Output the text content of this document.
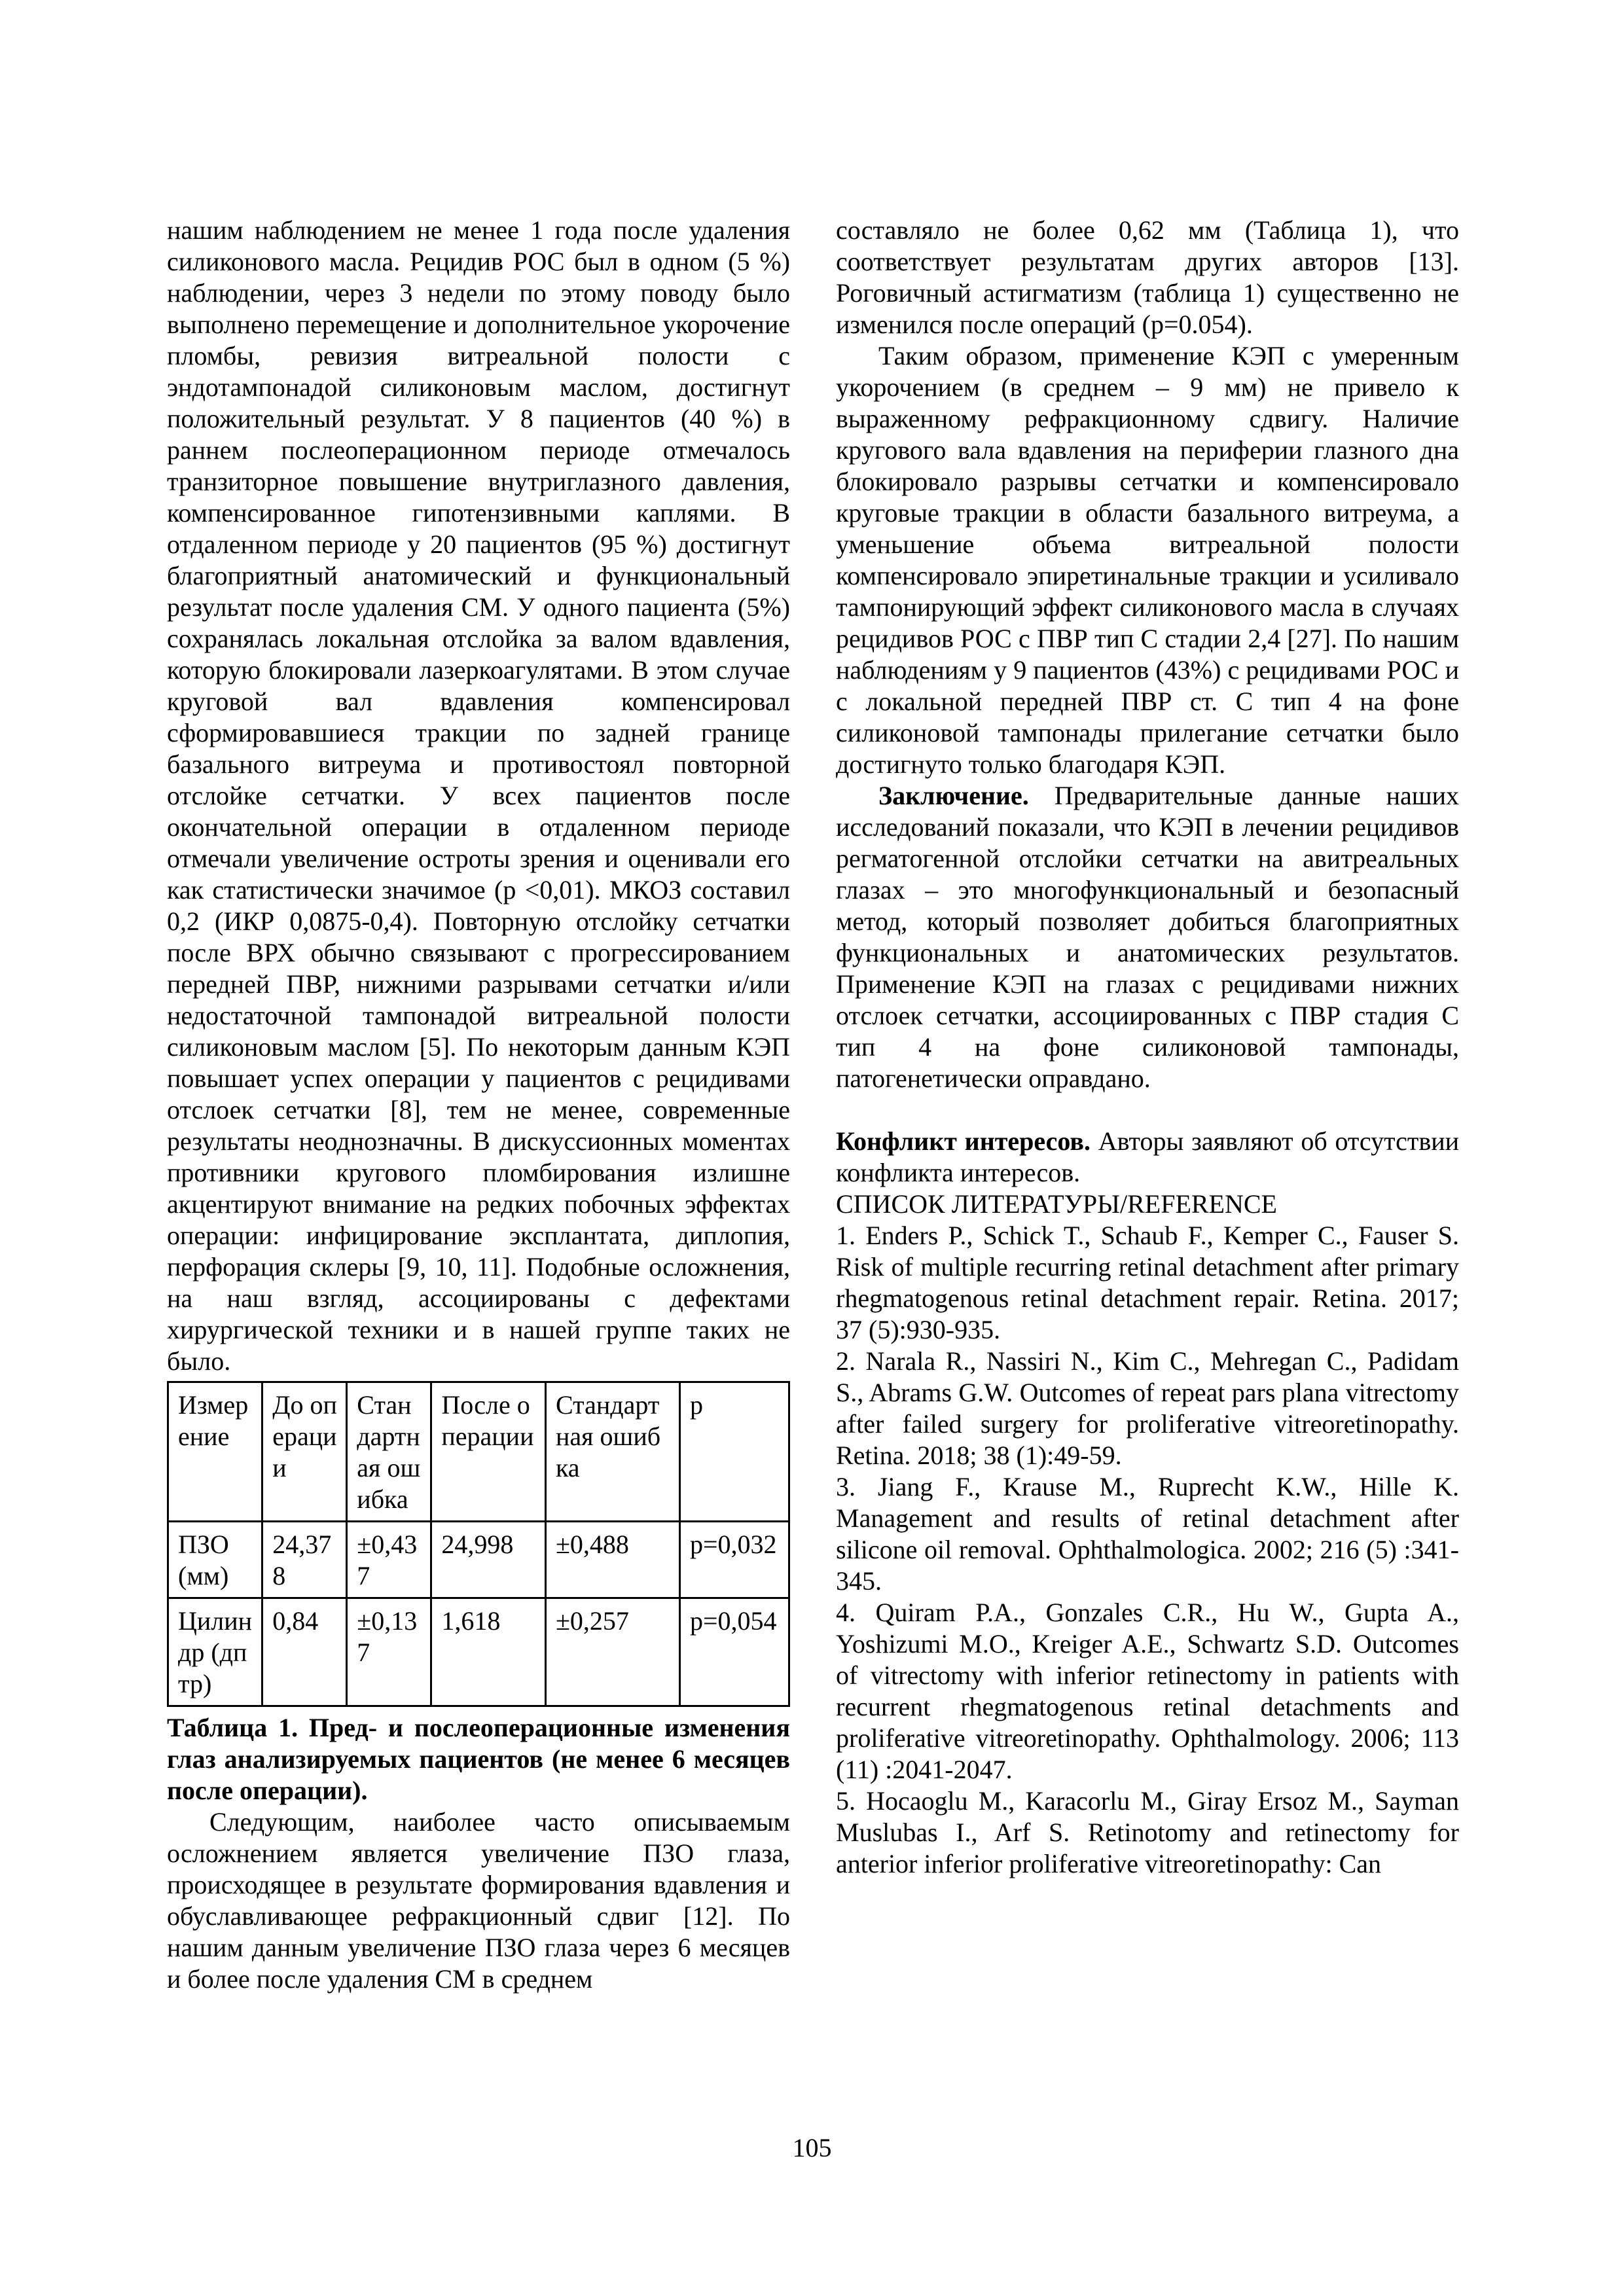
нашим наблюдением не менее 1 года после удаления силиконового масла. Рецидив РОС был в одном (5 %) наблюдении, через 3 недели по этому поводу было выполнено перемещение и дополнительное укорочение пломбы, ревизия витреальной полости с эндотампонадой силиконовым маслом, достигнут положительный результат. У 8 пациентов (40 %) в раннем послеоперационном периоде отмечалось транзиторное повышение внутриглазного давления, компенсированное гипотензивными каплями. В отдаленном периоде у 20 пациентов (95 %) достигнут благоприятный анатомический и функциональный результат после удаления СМ. У одного пациента (5%) сохранялась локальная отслойка за валом вдавления, которую блокировали лазеркоагулятами. В этом случае круговой вал вдавления компенсировал сформировавшиеся тракции по задней границе базального витреума и противостоял повторной отслойке сетчатки. У всех пациентов после окончательной операции в отдаленном периоде отмечали увеличение остроты зрения и оценивали его как статистически значимое (р <0,01). МКОЗ составил 0,2 (ИКР 0,0875-0,4). Повторную отслойку сетчатки после ВРХ обычно связывают с прогрессированием передней ПВР, нижними разрывами сетчатки и/или недостаточной тампонадой витреальной полости силиконовым маслом [5]. По некоторым данным КЭП повышает успех операции у пациентов с рецидивами отслоек сетчатки [8], тем не менее, современные результаты неоднозначны. В дискуссионных моментах противники кругового пломбирования излишне акцентируют внимание на редких побочных эффектах операции: инфицирование эксплантата, диплопия, перфорация склеры [9, 10, 11]. Подобные осложнения, на наш взгляд, ассоциированы с дефектами хирургической техники и в нашей группе таких не было.

Измерение	До операции	Стандартная ошибка	После операции	Стандартная ошибка	р
ПЗО (мм)	24,378	±0,437	24,998	±0,488	p=0,032
Цилиндр (дптр)	0,84	±0,137	1,618	±0,257	p=0,054

Таблица 1. Пред- и послеоперационные изменения глаз анализируемых пациентов (не менее 6 месяцев после операции).

Следующим, наиболее часто описываемым осложнением является увеличение ПЗО глаза, происходящее в результате формирования вдавления и обуславливающее рефракционный сдвиг [12]. По нашим данным увеличение ПЗО глаза через 6 месяцев и более после удаления СМ в среднем

составляло не более 0,62 мм (Таблица 1), что соответствует результатам других авторов [13]. Роговичный астигматизм (таблица 1) существенно не изменился после операций (p=0.054).

Таким образом, применение КЭП с умеренным укорочением (в среднем – 9 мм) не привело к выраженному рефракционному сдвигу. Наличие кругового вала вдавления на периферии глазного дна блокировало разрывы сетчатки и компенсировало круговые тракции в области базального витреума, а уменьшение объема витреальной полости компенсировало эпиретинальные тракции и усиливало тампонирующий эффект силиконового масла в случаях рецидивов РОС с ПВР тип С стадии 2,4 [27]. По нашим наблюдениям у 9 пациентов (43%) с рецидивами РОС и с локальной передней ПВР ст. С тип 4 на фоне силиконовой тампонады прилегание сетчатки было достигнуто только благодаря КЭП.

Заключение. Предварительные данные наших исследований показали, что КЭП в лечении рецидивов регматогенной отслойки сетчатки на авитреальных глазах – это многофункциональный и безопасный метод, который позволяет добиться благоприятных функциональных и анатомических результатов. Применение КЭП на глазах с рецидивами нижних отслоек сетчатки, ассоциированных с ПВР стадия С тип 4 на фоне силиконовой тампонады, патогенетически оправдано.

Конфликт интересов. Авторы заявляют об отсутствии конфликта интересов.

СПИСОК ЛИТЕРАТУРЫ/REFERENCE

1. Enders P., Schick T., Schaub F., Kemper C., Fauser S. Risk of multiple recurring retinal detachment after primary rhegmatogenous retinal detachment repair. Retina. 2017; 37 (5):930-935.

2. Narala R., Nassiri N., Kim C., Mehregan C., Padidam S., Abrams G.W. Outcomes of repeat pars plana vitrectomy after failed surgery for proliferative vitreoretinopathy. Retina. 2018; 38 (1):49-59.

3. Jiang F., Krause M., Ruprecht K.W., Hille K. Management and results of retinal detachment after silicone oil removal. Ophthalmologica. 2002; 216 (5) :341-345.

4. Quiram P.A., Gonzales C.R., Hu W., Gupta A., Yoshizumi M.O., Kreiger A.E., Schwartz S.D. Outcomes of vitrectomy with inferior retinectomy in patients with recurrent rhegmatogenous retinal detachments and proliferative vitreoretinopathy. Ophthalmology. 2006; 113 (11) :2041-2047.

5. Hocaoglu M., Karacorlu M., Giray Ersoz M., Sayman Muslubas I., Arf S. Retinotomy and retinectomy for anterior inferior proliferative vitreoretinopathy: Can

105
